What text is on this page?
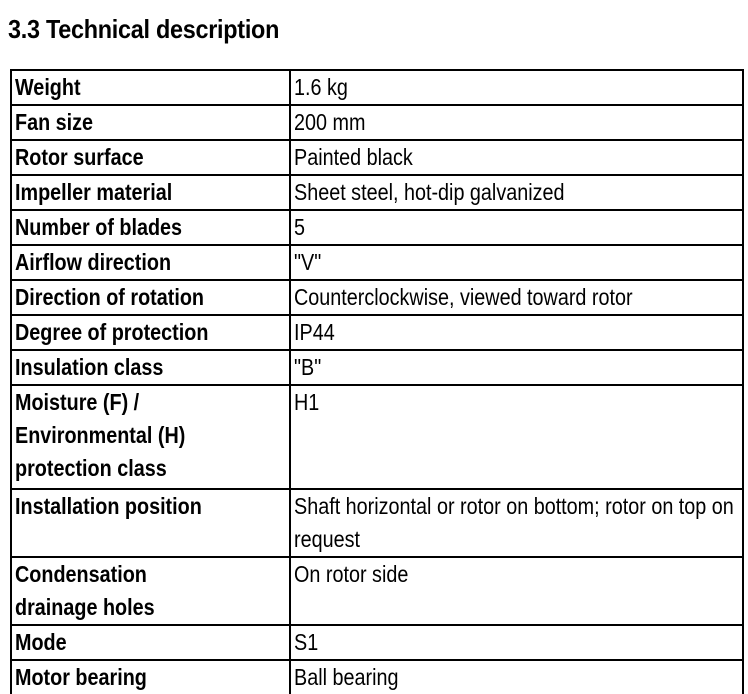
3.3 Technical description
Weight	1.6 kg

Fan size	200 mm

Rotor surface	Painted black

Impeller material	Sheet steel, hot-dip galvanized

Number of blades	5

Airflow direction	"V"

Direction of rotation	Counterclockwise, viewed toward rotor

Degree of protection	IP44

Insulation class	"B"

Moisture (F) / Environmental (H) protection class	H1

Installation position	Shaft horizontal or rotor on bottom; rotor on top on request

Condensation drainage holes	On rotor side

Mode	S1

Motor bearing	Ball bearing
